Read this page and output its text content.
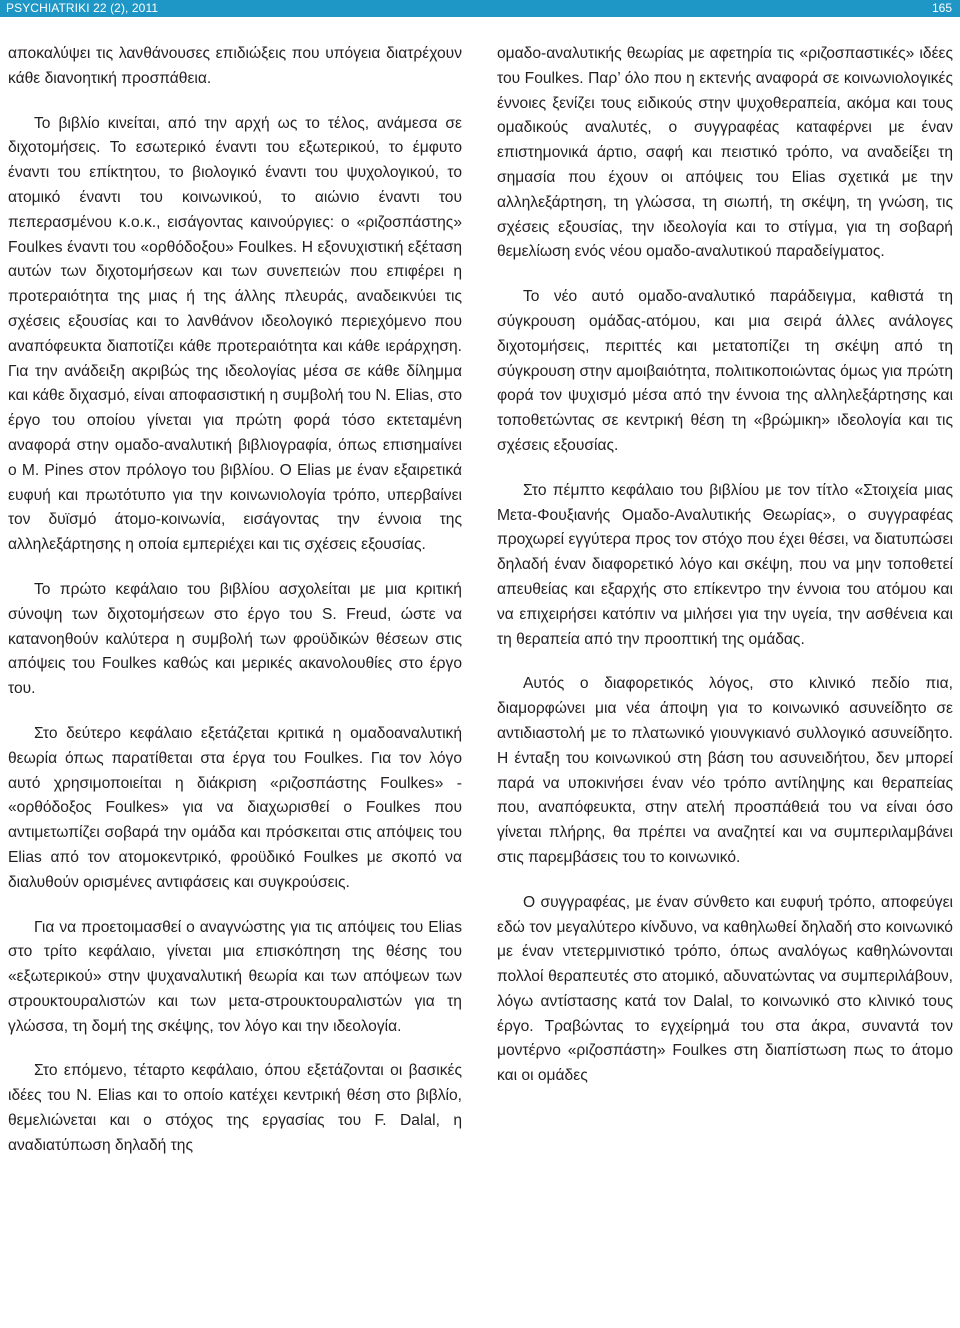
PSYCHIATRIKI 22 (2), 2011	165

αποκαλύψει τις λανθάνουσες επιδιώξεις που υπόγεια διατρέχουν κάθε διανοητική προσπάθεια.

Το βιβλίο κινείται, από την αρχή ως το τέλος, ανάμεσα σε διχοτομήσεις. Το εσωτερικό έναντι του εξωτερικού, το έμφυτο έναντι του επίκτητου, το βιολογικό έναντι του ψυχολογικού, το ατομικό έναντι του κοινωνικού, το αιώνιο έναντι του πεπερασμένου κ.ο.κ., εισάγοντας καινούργιες: ο «ριζοσπάστης» Foulkes έναντι του «ορθόδοξου» Foulkes. Η εξονυχιστική εξέταση αυτών των διχοτομήσεων και των συνεπειών που επιφέρει η προτεραιότητα της μιας ή της άλλης πλευράς, αναδεικνύει τις σχέσεις εξουσίας και το λανθάνον ιδεολογικό περιεχόμενο που αναπόφευκτα διαποτίζει κάθε προτεραιότητα και κάθε ιεράρχηση. Για την ανάδειξη ακριβώς της ιδεολογίας μέσα σε κάθε δίλημμα και κάθε διχασμό, είναι αποφασιστική η συμβολή του Ν. Elias, στο έργο του οποίου γίνεται για πρώτη φορά τόσο εκτεταμένη αναφορά στην ομαδο-αναλυτική βιβλιογραφία, όπως επισημαίνει ο Μ. Pines στον πρόλογο του βιβλίου. Ο Elias με έναν εξαιρετικά ευφυή και πρωτότυπο για την κοινωνιολογία τρόπο, υπερβαίνει τον δυϊσμό άτομο-κοινωνία, εισάγοντας την έννοια της αλληλεξάρτησης η οποία εμπεριέχει και τις σχέσεις εξουσίας.

Το πρώτο κεφάλαιο του βιβλίου ασχολείται με μια κριτική σύνοψη των διχοτομήσεων στο έργο του S. Freud, ώστε να κατανοηθούν καλύτερα η συμβολή των φροϋδικών θέσεων στις απόψεις του Foulkes καθώς και μερικές ακανολουθίες στο έργο του.

Στο δεύτερο κεφάλαιο εξετάζεται κριτικά η ομαδοαναλυτική θεωρία όπως παρατίθεται στα έργα του Foulkes. Για τον λόγο αυτό χρησιμοποιείται η διάκριση «ριζοσπάστης Foulkes» - «ορθόδοξος Foulkes» για να διαχωρισθεί ο Foulkes που αντιμετωπίζει σοβαρά την ομάδα και πρόσκειται στις απόψεις του Elias από τον ατομοκεντρικό, φροϋδικό Foulkes με σκοπό να διαλυθούν ορισμένες αντιφάσεις και συγκρούσεις.

Για να προετοιμασθεί ο αναγνώστης για τις απόψεις του Elias στο τρίτο κεφάλαιο, γίνεται μια επισκόπηση της θέσης του «εξωτερικού» στην ψυχαναλυτική θεωρία και των απόψεων των στρουκτουραλιστών και των μετα-στρουκτουραλιστών για τη γλώσσα, τη δομή της σκέψης, τον λόγο και την ιδεολογία.

Στο επόμενο, τέταρτο κεφάλαιο, όπου εξετάζονται οι βασικές ιδέες του Ν. Elias και το οποίο κατέχει κεντρική θέση στο βιβλίο, θεμελιώνεται και ο στόχος της εργασίας του F. Dalal, η αναδιατύπωση δηλαδή της

ομαδο-αναλυτικής θεωρίας με αφετηρία τις «ριζοσπαστικές» ιδέες του Foulkes. Παρ’ όλο που η εκτενής αναφορά σε κοινωνιολογικές έννοιες ξενίζει τους ειδικούς στην ψυχοθεραπεία, ακόμα και τους ομαδικούς αναλυτές, ο συγγραφέας καταφέρνει με έναν επιστημονικά άρτιο, σαφή και πειστικό τρόπο, να αναδείξει τη σημασία που έχουν οι απόψεις του Elias σχετικά με την αλληλεξάρτηση, τη γλώσσα, τη σιωπή, τη σκέψη, τη γνώση, τις σχέσεις εξουσίας, την ιδεολογία και το στίγμα, για τη σοβαρή θεμελίωση ενός νέου ομαδο-αναλυτικού παραδείγματος.

Το νέο αυτό ομαδο-αναλυτικό παράδειγμα, καθιστά τη σύγκρουση ομάδας-ατόμου, και μια σειρά άλλες ανάλογες διχοτομήσεις, περιττές και μετατοπίζει τη σκέψη από τη σύγκρουση στην αμοιβαιότητα, πολιτικοποιώντας όμως για πρώτη φορά τον ψυχισμό μέσα από την έννοια της αλληλεξάρτησης και τοποθετώντας σε κεντρική θέση τη «βρώμικη» ιδεολογία και τις σχέσεις εξουσίας.

Στο πέμπτο κεφάλαιο του βιβλίου με τον τίτλο «Στοιχεία μιας Μετα-Φουξιανής Ομαδο-Αναλυτικής Θεωρίας», ο συγγραφέας προχωρεί εγγύτερα προς τον στόχο που έχει θέσει, να διατυπώσει δηλαδή έναν διαφορετικό λόγο και σκέψη, που να μην τοποθετεί απευθείας και εξαρχής στο επίκεντρο την έννοια του ατόμου και να επιχειρήσει κατόπιν να μιλήσει για την υγεία, την ασθένεια και τη θεραπεία από την προοπτική της ομάδας.

Αυτός ο διαφορετικός λόγος, στο κλινικό πεδίο πια, διαμορφώνει μια νέα άποψη για το κοινωνικό ασυνείδητο σε αντιδιαστολή με το πλατωνικό γιουνγκιανό συλλογικό ασυνείδητο. Η ένταξη του κοινωνικού στη βάση του ασυνειδήτου, δεν μπορεί παρά να υποκινήσει έναν νέο τρόπο αντίληψης και θεραπείας που, αναπόφευκτα, στην ατελή προσπάθειά του να είναι όσο γίνεται πλήρης, θα πρέπει να αναζητεί και να συμπεριλαμβάνει στις παρεμβάσεις του το κοινωνικό.

Ο συγγραφέας, με έναν σύνθετο και ευφυή τρόπο, αποφεύγει εδώ τον μεγαλύτερο κίνδυνο, να καθηλωθεί δηλαδή στο κοινωνικό με έναν ντετερμινιστικό τρόπο, όπως αναλόγως καθηλώνονται πολλοί θεραπευτές στο ατομικό, αδυνατώντας να συμπεριλάβουν, λόγω αντίστασης κατά τον Dalal, το κοινωνικό στο κλινικό τους έργο. Τραβώντας το εγχείρημά του στα άκρα, συναντά τον μοντέρνο «ριζοσπάστη» Foulkes στη διαπίστωση πως το άτομο και οι ομάδες
